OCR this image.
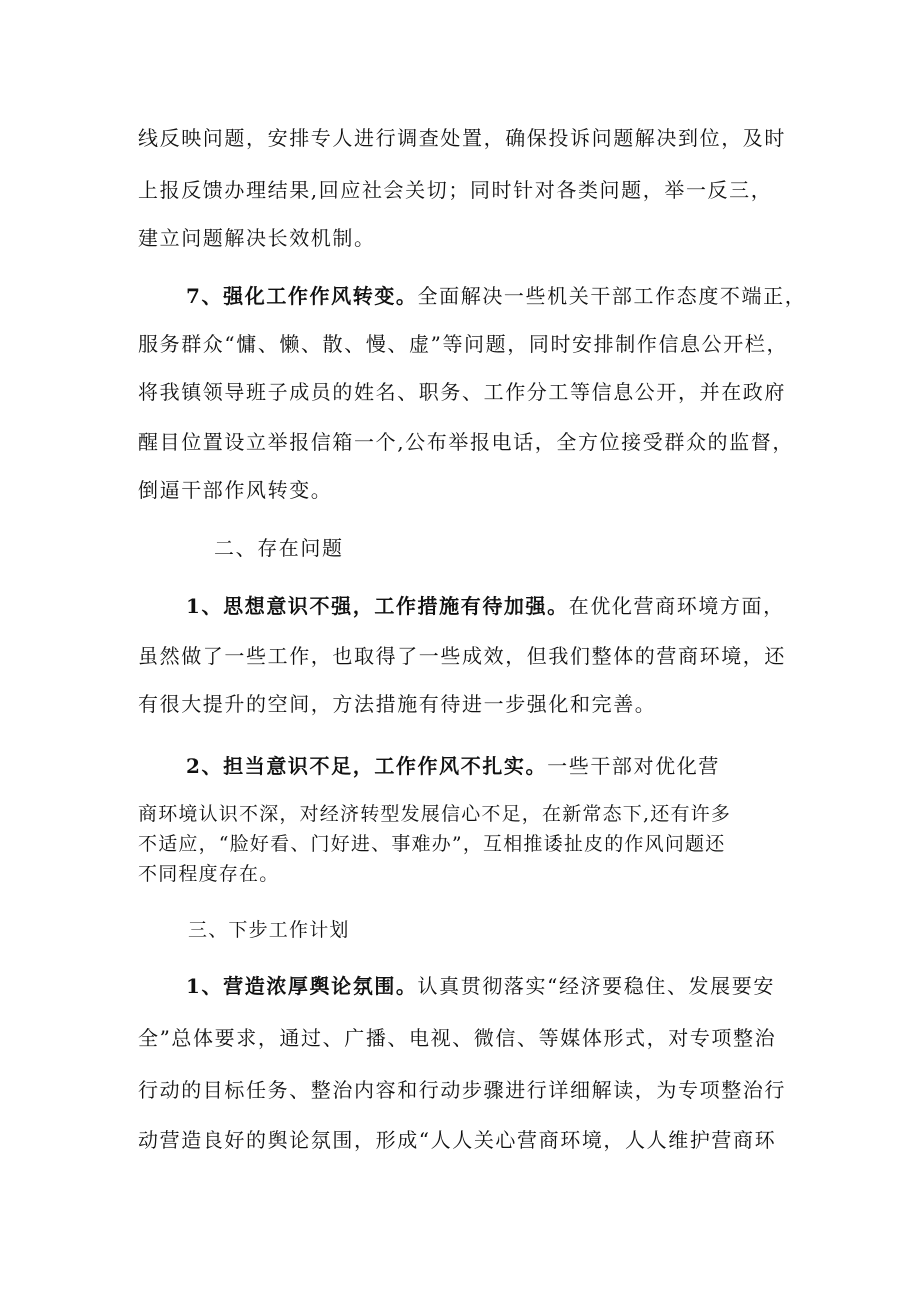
线反映问题，安排专人进行调查处置，确保投诉问题解决到位，及时
上报反馈办理结果,回应社会关切；同时针对各类问题，举一反三，
建立问题解决长效机制。
7、强化工作作风转变。全面解决一些机关干部工作态度不端正，
服务群众“慵、懒、散、慢、虚”等问题，同时安排制作信息公开栏，
将我镇领导班子成员的姓名、职务、工作分工等信息公开，并在政府
醒目位置设立举报信箱一个,公布举报电话，全方位接受群众的监督，
倒逼干部作风转变。
二、存在问题
1、思想意识不强，工作措施有待加强。在优化营商环境方面，
虽然做了一些工作，也取得了一些成效，但我们整体的营商环境，还
有很大提升的空间，方法措施有待进一步强化和完善。
2、担当意识不足，工作作风不扎实。一些干部对优化营
商环境认识不深，对经济转型发展信心不足，在新常态下,还有许多
不适应，“脸好看、门好进、事难办”，互相推诿扯皮的作风问题还
不同程度存在。
三、下步工作计划
1、营造浓厚舆论氛围。认真贯彻落实“经济要稳住、发展要安
全”总体要求，通过、广播、电视、微信、等媒体形式，对专项整治
行动的目标任务、整治内容和行动步骤进行详细解读，为专项整治行
动营造良好的舆论氛围，形成“人人关心营商环境，人人维护营商环
